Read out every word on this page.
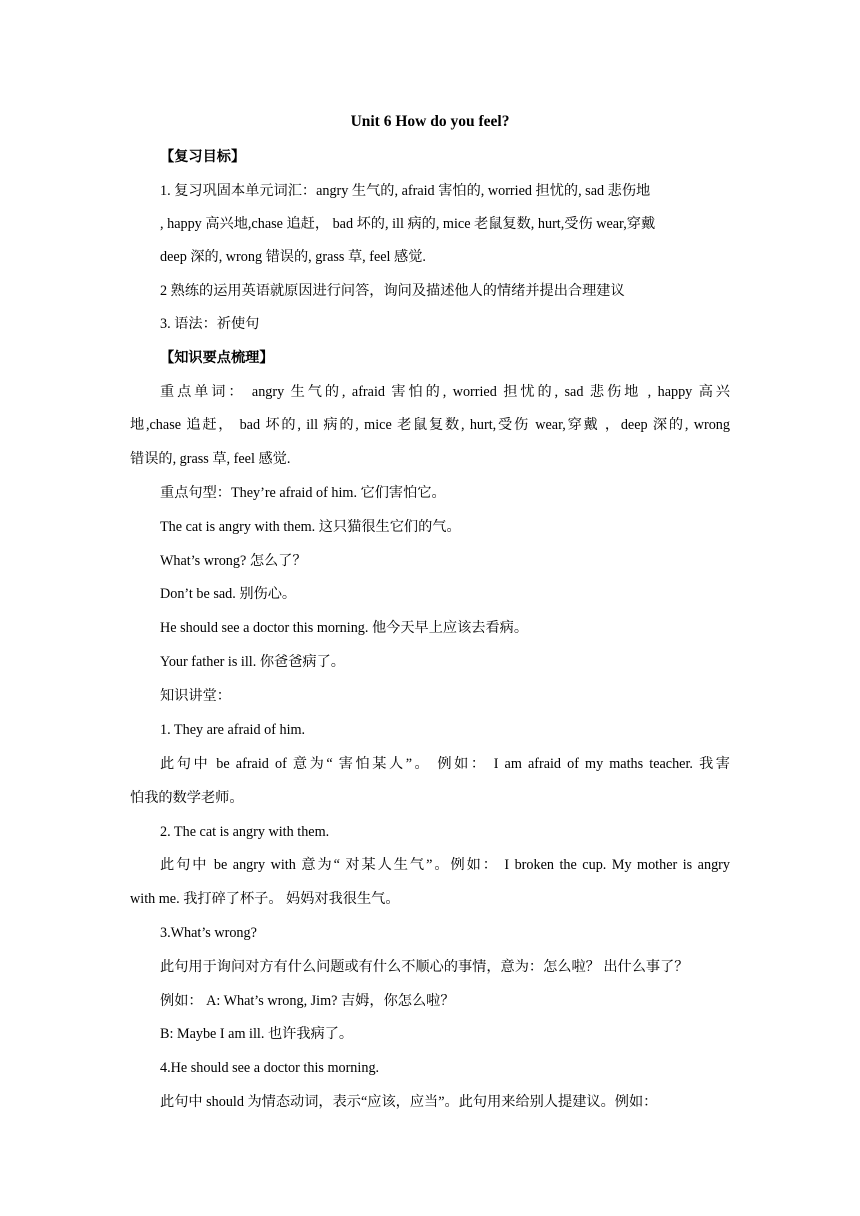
Unit 6 How do you feel?
【复习目标】
1. 复习巩固本单元词汇：angry 生气的, afraid 害怕的, worried 担忧的, sad 悲伤地
, happy 高兴地,chase 追赶， bad 坏的, ill 病的, mice 老鼠复数, hurt,受伤 wear,穿戴
deep 深的, wrong 错误的, grass 草, feel 感觉.
2 熟练的运用英语就原因进行问答，询问及描述他人的情绪并提出合理建议
3. 语法：祈使句
【知识要点梳理】
重点单词： angry 生气的, afraid 害怕的, worried 担忧的, sad 悲伤地 , happy 高兴
地,chase 追赶， bad 坏的, ill 病的, mice 老鼠复数, hurt,受伤 wear,穿戴 ，deep 深的, wrong
错误的, grass 草, feel 感觉.
重点句型：They’re afraid of him. 它们害怕它。
The cat is angry with them. 这只猫很生它们的气。
What’s wrong? 怎么了？
Don’t be sad. 别伤心。
He should see a doctor this morning. 他今天早上应该去看病。
Your father is ill. 你爸爸病了。
知识讲堂：
1. They are afraid of him.
此句中 be afraid of 意为“ 害怕某人”。 例如： I am afraid of my maths teacher. 我害
怕我的数学老师。
2. The cat is angry with them.
此句中 be angry with 意为“ 对某人生气”。例如： I broken the cup. My mother is angry
with me. 我打碎了杯子。 妈妈对我很生气。
3.What’s wrong?
此句用于询问对方有什么问题或有什么不顺心的事情，意为：怎么啦？ 出什么事了？
例如： A: What’s wrong, Jim? 吉姆，你怎么啦？
B: Maybe I am ill. 也许我病了。
4.He should see a doctor this morning.
此句中 should 为情态动词，表示“应该，应当”。此句用来给别人提建议。例如：
